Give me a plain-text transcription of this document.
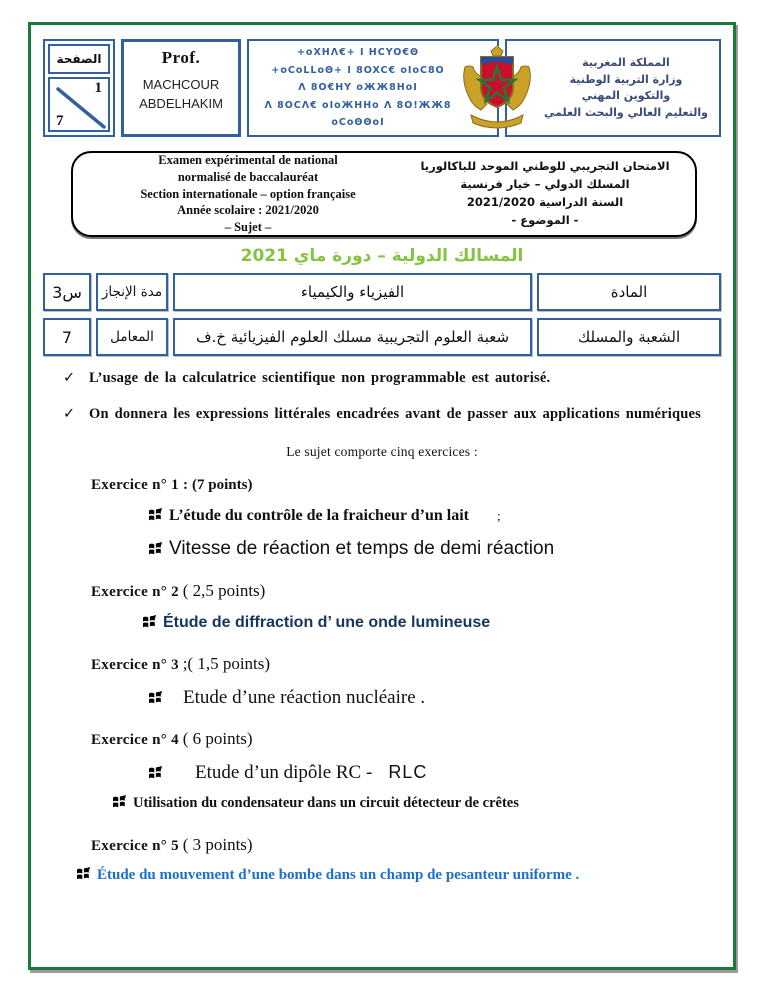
الصفحة
1
7
Prof.
MACHCOUR
ABDELHAKIM
+oXHΛ€+ I HCYO€Θ
+oCoLLoΘ+ I 8OXC€ oIoC8O
Λ 8O€HY oЖЖ8HoI
Λ 8OCΛ€ oIoЖHHo Λ 8O!ЖЖ8 oCoΘΘoI
المملكة المغربية
وزارة التربية الوطنية
والتكوين المهني
والتعليم العالي والبحث العلمي
Examen expérimental de national
normalisé de baccalauréat
Section internationale – option française
Année scolaire : 2021/2020
– Sujet –
الامتحان التجريبي للوطني الموحد للباكالوريا
المسلك الدولي – خيار فرنسية
السنة الدراسية 2021/2020
- الموضوع -
المسالك الدولية – دورة ماي 2021
3س	مدة الإنجاز	الفيزياء والكيمياء	المادة
7	المعامل	شعبة العلوم التجريبية مسلك العلوم الفيزيائية خ.ف	الشعبة والمسلك
✓ L’usage de la calculatrice scientifique non programmable est autorisé.
✓ On donnera les expressions littérales encadrées avant de passer aux applications numériques
Le sujet comporte cinq exercices :
Exercice n° 1 : (7 points)
L’étude du contrôle de la fraicheur d’un lait ;
Vitesse de réaction et temps de demi réaction
Exercice n° 2 ( 2,5 points)
Étude de diffraction d’ une onde lumineuse
Exercice n° 3 ;( 1,5 points)
Etude d’une réaction nucléaire .
Exercice n° 4 ( 6 points)
Etude d’un dipôle RC - RLC
Utilisation du condensateur dans un circuit détecteur de crêtes
Exercice n° 5 ( 3 points)
Étude du mouvement d’une bombe dans un champ de pesanteur uniforme .
